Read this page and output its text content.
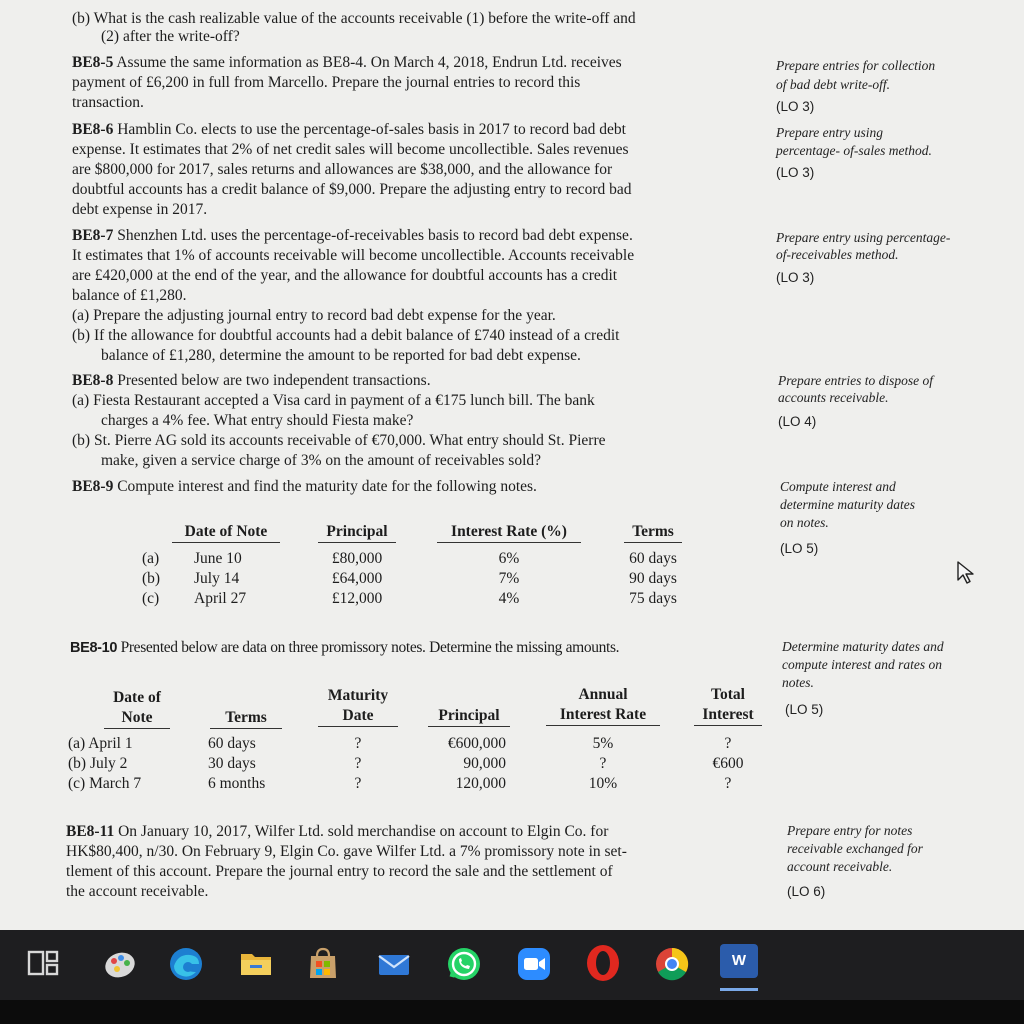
(b) What is the cash realizable value of the accounts receivable (1) before the write-off and
(2) after the write-off?
BE8-5 Assume the same information as BE8-4. On March 4, 2018, Endrun Ltd. receives
payment of £6,200 in full from Marcello. Prepare the journal entries to record this
transaction.
Prepare entries for collection
of bad debt write-off.
(LO 3)
BE8-6 Hamblin Co. elects to use the percentage-of-sales basis in 2017 to record bad debt
expense. It estimates that 2% of net credit sales will become uncollectible. Sales revenues
are $800,000 for 2017, sales returns and allowances are $38,000, and the allowance for
doubtful accounts has a credit balance of $9,000. Prepare the adjusting entry to record bad
debt expense in 2017.
Prepare entry using
percentage- of-sales method.
(LO 3)
BE8-7 Shenzhen Ltd. uses the percentage-of-receivables basis to record bad debt expense.
It estimates that 1% of accounts receivable will become uncollectible. Accounts receivable
are £420,000 at the end of the year, and the allowance for doubtful accounts has a credit
balance of £1,280.
(a) Prepare the adjusting journal entry to record bad debt expense for the year.
(b) If the allowance for doubtful accounts had a debit balance of £740 instead of a credit
balance of £1,280, determine the amount to be reported for bad debt expense.
Prepare entry using percentage-
of-receivables method.
(LO 3)
BE8-8 Presented below are two independent transactions.
(a) Fiesta Restaurant accepted a Visa card in payment of a €175 lunch bill. The bank
charges a 4% fee. What entry should Fiesta make?
(b) St. Pierre AG sold its accounts receivable of €70,000. What entry should St. Pierre
make, given a service charge of 3% on the amount of receivables sold?
Prepare entries to dispose of
accounts receivable.
(LO 4)
BE8-9 Compute interest and find the maturity date for the following notes.	Compute interest and
determine maturity dates
on notes.
(LO 5)
Date of Note	Principal	Interest Rate (%)	Terms
(a) June 10	£80,000	6%	60 days
(b) July 14	£64,000	7%	90 days
(c) April 27	£12,000	4%	75 days
BE8-10 Presented below are data on three promissory notes. Determine the missing amounts.	Determine maturity dates and
compute interest and rates on
notes.
(LO 5)
Date of
Note	Terms
Maturity
Date	Principal
Annual
Interest Rate
Total
Interest
(a) April 1	60 days	?	€600,000	5%	?
(b) July 2	30 days	?	90,000	?	€600
(c) March 7	6 months	?	120,000	10%	?
BE8-11 On January 10, 2017, Wilfer Ltd. sold merchandise on account to Elgin Co. for
HK$80,400, n/30. On February 9, Elgin Co. gave Wilfer Ltd. a 7% promissory note in set-
tlement of this account. Prepare the journal entry to record the sale and the settlement of
the account receivable.
Prepare entry for notes
receivable exchanged for
account receivable.
(LO 6)
W
